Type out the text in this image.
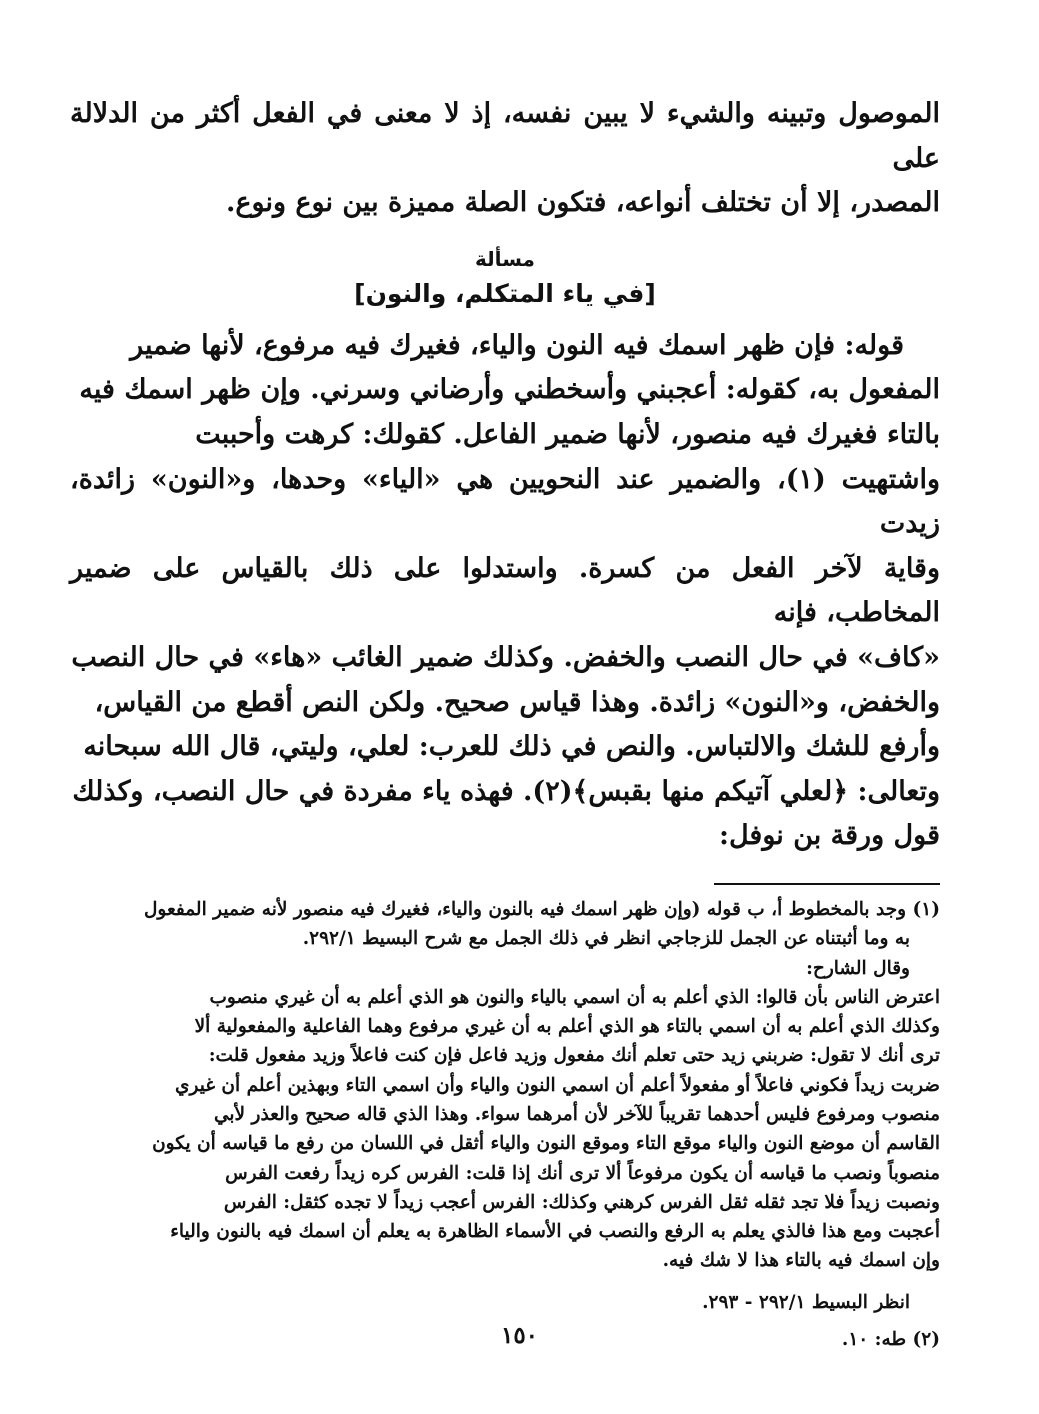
الموصول وتبينه والشيء لا يبين نفسه، إذ لا معنى في الفعل أكثر من الدلالة على

المصدر، إلا أن تختلف أنواعه، فتكون الصلة مميزة بين نوع ونوع.

مسألة
[في ياء المتكلم، والنون]

قوله: فإن ظهر اسمك فيه النون والياء، فغيرك فيه مرفوع، لأنها ضمير

المفعول به، كقوله: أعجبني وأسخطني وأرضاني وسرني. وإن ظهر اسمك فيه

بالتاء فغيرك فيه منصور، لأنها ضمير الفاعل. كقولك: كرهت وأحببت

واشتهيت (١)، والضمير عند النحويين هي «الياء» وحدها، و«النون» زائدة، زيدت

وقاية لآخر الفعل من كسرة. واستدلوا على ذلك بالقياس على ضمير المخاطب، فإنه

«كاف» في حال النصب والخفض. وكذلك ضمير الغائب «هاء» في حال النصب

والخفض، و«النون» زائدة. وهذا قياس صحيح. ولكن النص أقطع من القياس،

وأرفع للشك والالتباس. والنص في ذلك للعرب: لعلي، وليتي، قال الله سبحانه

وتعالى: ﴿لعلي آتيكم منها بقبس﴾(٢). فهذه ياء مفردة في حال النصب، وكذلك

قول ورقة بن نوفل:

(١) وجد بالمخطوط أ، ب قوله (وإن ظهر اسمك فيه بالنون والياء، فغيرك فيه منصور لأنه ضمير المفعول

به وما أثبتناه عن الجمل للزجاجي انظر في ذلك الجمل مع شرح البسيط ٢٩٢/١.

وقال الشارح:

اعترض الناس بأن قالوا: الذي أعلم به أن اسمي بالياء والنون هو الذي أعلم به أن غيري منصوب

وكذلك الذي أعلم به أن اسمي بالتاء هو الذي أعلم به أن غيري مرفوع وهما الفاعلية والمفعولية ألا

ترى أنك لا تقول: ضربني زيد حتى تعلم أنك مفعول وزيد فاعل فإن كنت فاعلاً وزيد مفعول قلت:

ضربت زيداً فكوني فاعلاً أو مفعولاً أعلم أن اسمي النون والياء وأن اسمي التاء وبهذين أعلم أن غيري

منصوب ومرفوع فليس أحدهما تقريباً للآخر لأن أمرهما سواء. وهذا الذي قاله صحيح والعذر لأبي

القاسم أن موضع النون والياء موقع التاء وموقع النون والياء أثقل في اللسان من رفع ما قياسه أن يكون

منصوباً ونصب ما قياسه أن يكون مرفوعاً ألا ترى أنك إذا قلت: الفرس كره زيداً رفعت الفرس

ونصبت زيداً فلا تجد ثقله ثقل الفرس كرهني وكذلك: الفرس أعجب زيداً لا تجده كثقل: الفرس

أعجبت ومع هذا فالذي يعلم به الرفع والنصب في الأسماء الظاهرة به يعلم أن اسمك فيه بالنون والياء

وإن اسمك فيه بالتاء هذا لا شك فيه.

انظر البسيط ٢٩٢/١ - ٢٩٣.

(٢) طه: ١٠.

١٥٠
